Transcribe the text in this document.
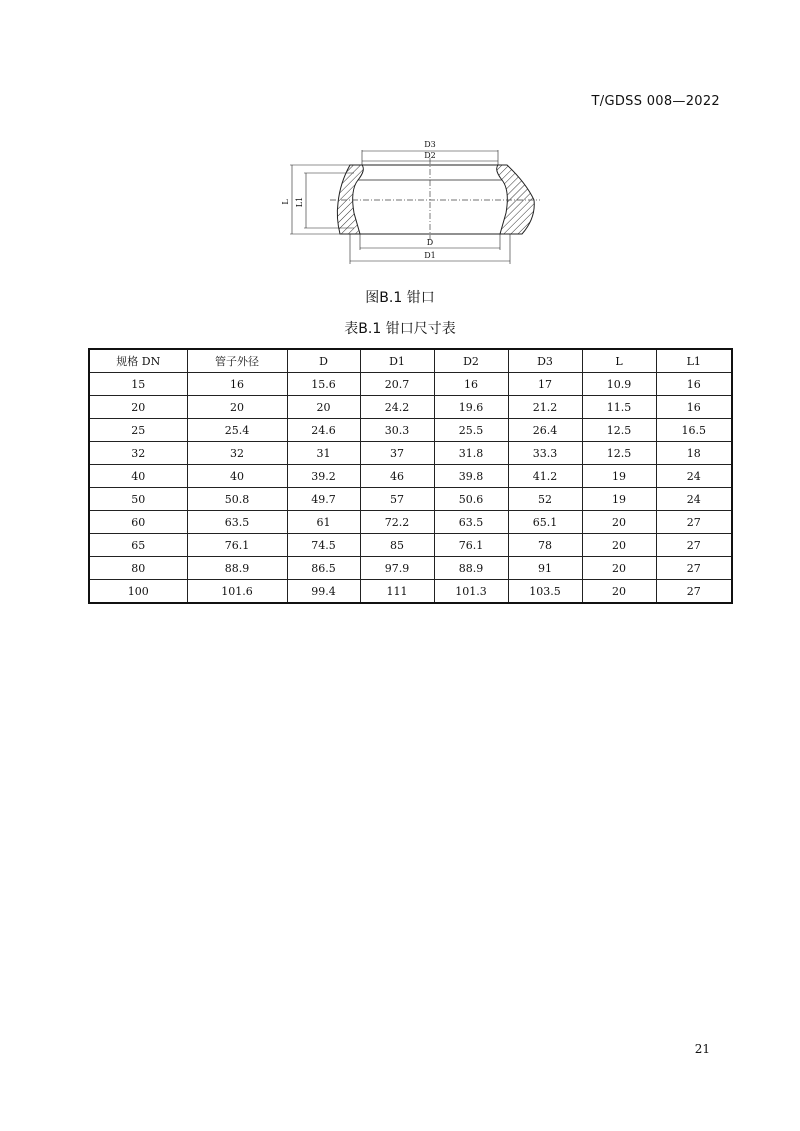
T/GDSS 008—2022
D3
D2
D
D1
L L1
图B.1 钳口
表B.1 钳口尺寸表
规格 DN	管子外径	D	D1	D2	D3	L	L1
15	16	15.6	20.7	16	17	10.9	16
20	20	20	24.2	19.6	21.2	11.5	16
25	25.4	24.6	30.3	25.5	26.4	12.5	16.5
32	32	31	37	31.8	33.3	12.5	18
40	40	39.2	46	39.8	41.2	19	24
50	50.8	49.7	57	50.6	52	19	24
60	63.5	61	72.2	63.5	65.1	20	27
65	76.1	74.5	85	76.1	78	20	27
80	88.9	86.5	97.9	88.9	91	20	27
100	101.6	99.4	111	101.3	103.5	20	27
21
